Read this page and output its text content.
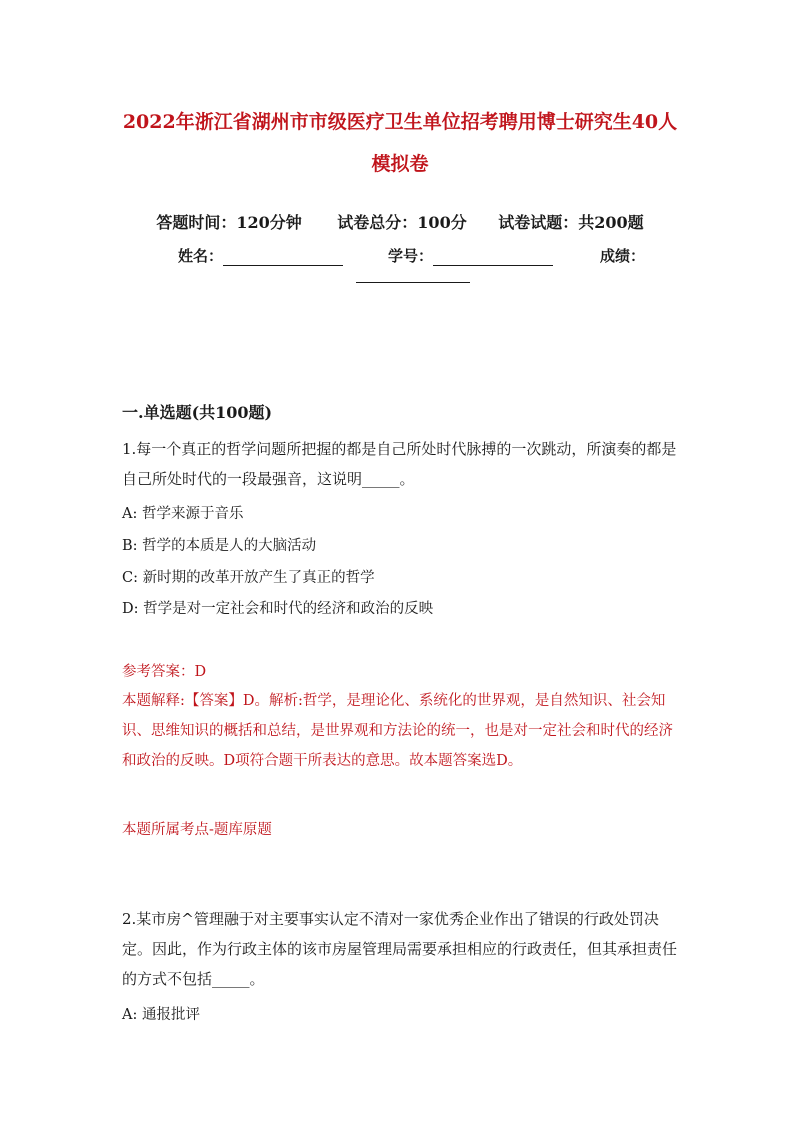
2022年浙江省湖州市市级医疗卫生单位招考聘用博士研究生40人
模拟卷
答题时间：120分钟 试卷总分：100分 试卷试题：共200题
姓名：	学号：	成绩：
一.单选题(共100题)
1.每一个真正的哲学问题所把握的都是自己所处时代脉搏的一次跳动，所演奏的都是自己所处时代的一段最强音，这说明_____。
A: 哲学来源于音乐
B: 哲学的本质是人的大脑活动
C: 新时期的改革开放产生了真正的哲学
D: 哲学是对一定社会和时代的经济和政治的反映
参考答案：D
本题解释:【答案】D。解析:哲学，是理论化、系统化的世界观，是自然知识、社会知识、思维知识的概括和总结，是世界观和方法论的统一，也是对一定社会和时代的经济和政治的反映。D项符合题干所表达的意思。故本题答案选D。
本题所属考点-题库原题
2.某市房^管理融于对主要事实认定不清对一家优秀企业作出了错误的行政处罚决定。因此，作为行政主体的该市房屋管理局需要承担相应的行政责任，但其承担责任的方式不包括_____。
A: 通报批评
